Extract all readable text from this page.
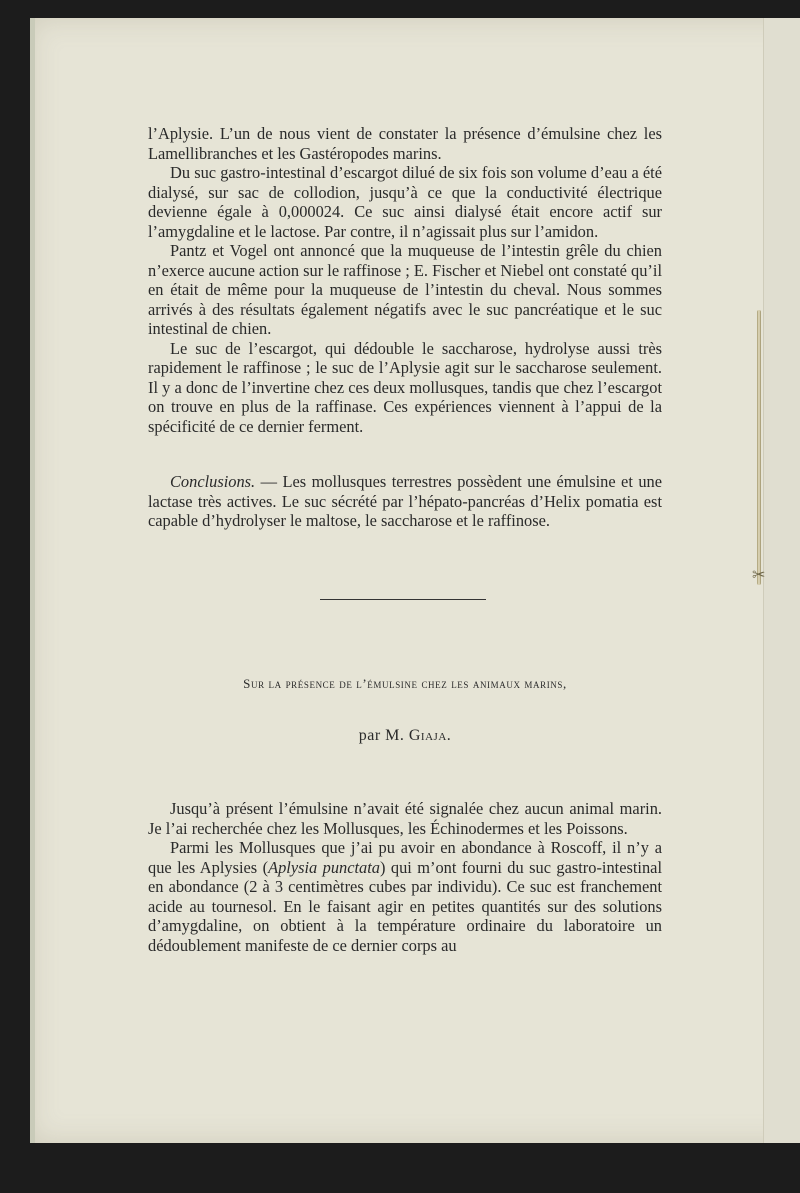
✂

l’Aplysie. L’un de nous vient de constater la présence d’émulsine chez les Lamellibranches et les Gastéropodes marins.

Du suc gastro-intestinal d’escargot dilué de six fois son volume d’eau a été dialysé, sur sac de collodion, jusqu’à ce que la conductivité électrique devienne égale à 0,000024. Ce suc ainsi dialysé était encore actif sur l’amygdaline et le lactose. Par contre, il n’agissait plus sur l’amidon.

Pantz et Vogel ont annoncé que la muqueuse de l’intestin grêle du chien n’exerce aucune action sur le raffinose ; E. Fischer et Niebel ont constaté qu’il en était de même pour la muqueuse de l’intestin du cheval. Nous sommes arrivés à des résultats également négatifs avec le suc pancréatique et le suc intestinal de chien.

Le suc de l’escargot, qui dédouble le saccharose, hydrolyse aussi très rapidement le raffinose ; le suc de l’Aplysie agit sur le saccharose seulement. Il y a donc de l’invertine chez ces deux mollusques, tandis que chez l’escargot on trouve en plus de la raffinase. Ces expériences viennent à l’appui de la spécificité de ce dernier ferment.

Conclusions. — Les mollusques terrestres possèdent une émulsine et une lactase très actives. Le suc sécrété par l’hépato-pancréas d’Helix pomatia est capable d’hydrolyser le maltose, le saccharose et le raffinose.

Sur la présence de l’émulsine chez les animaux marins,
par M. Giaja.

Jusqu’à présent l’émulsine n’avait été signalée chez aucun animal marin. Je l’ai recherchée chez les Mollusques, les Échinodermes et les Poissons.

Parmi les Mollusques que j’ai pu avoir en abondance à Roscoff, il n’y a que les Aplysies (Aplysia punctata) qui m’ont fourni du suc gastro-intestinal en abondance (2 à 3 centimètres cubes par individu). Ce suc est franchement acide au tournesol. En le faisant agir en petites quantités sur des solutions d’amygdaline, on obtient à la température ordinaire du laboratoire un dédoublement manifeste de ce dernier corps au
